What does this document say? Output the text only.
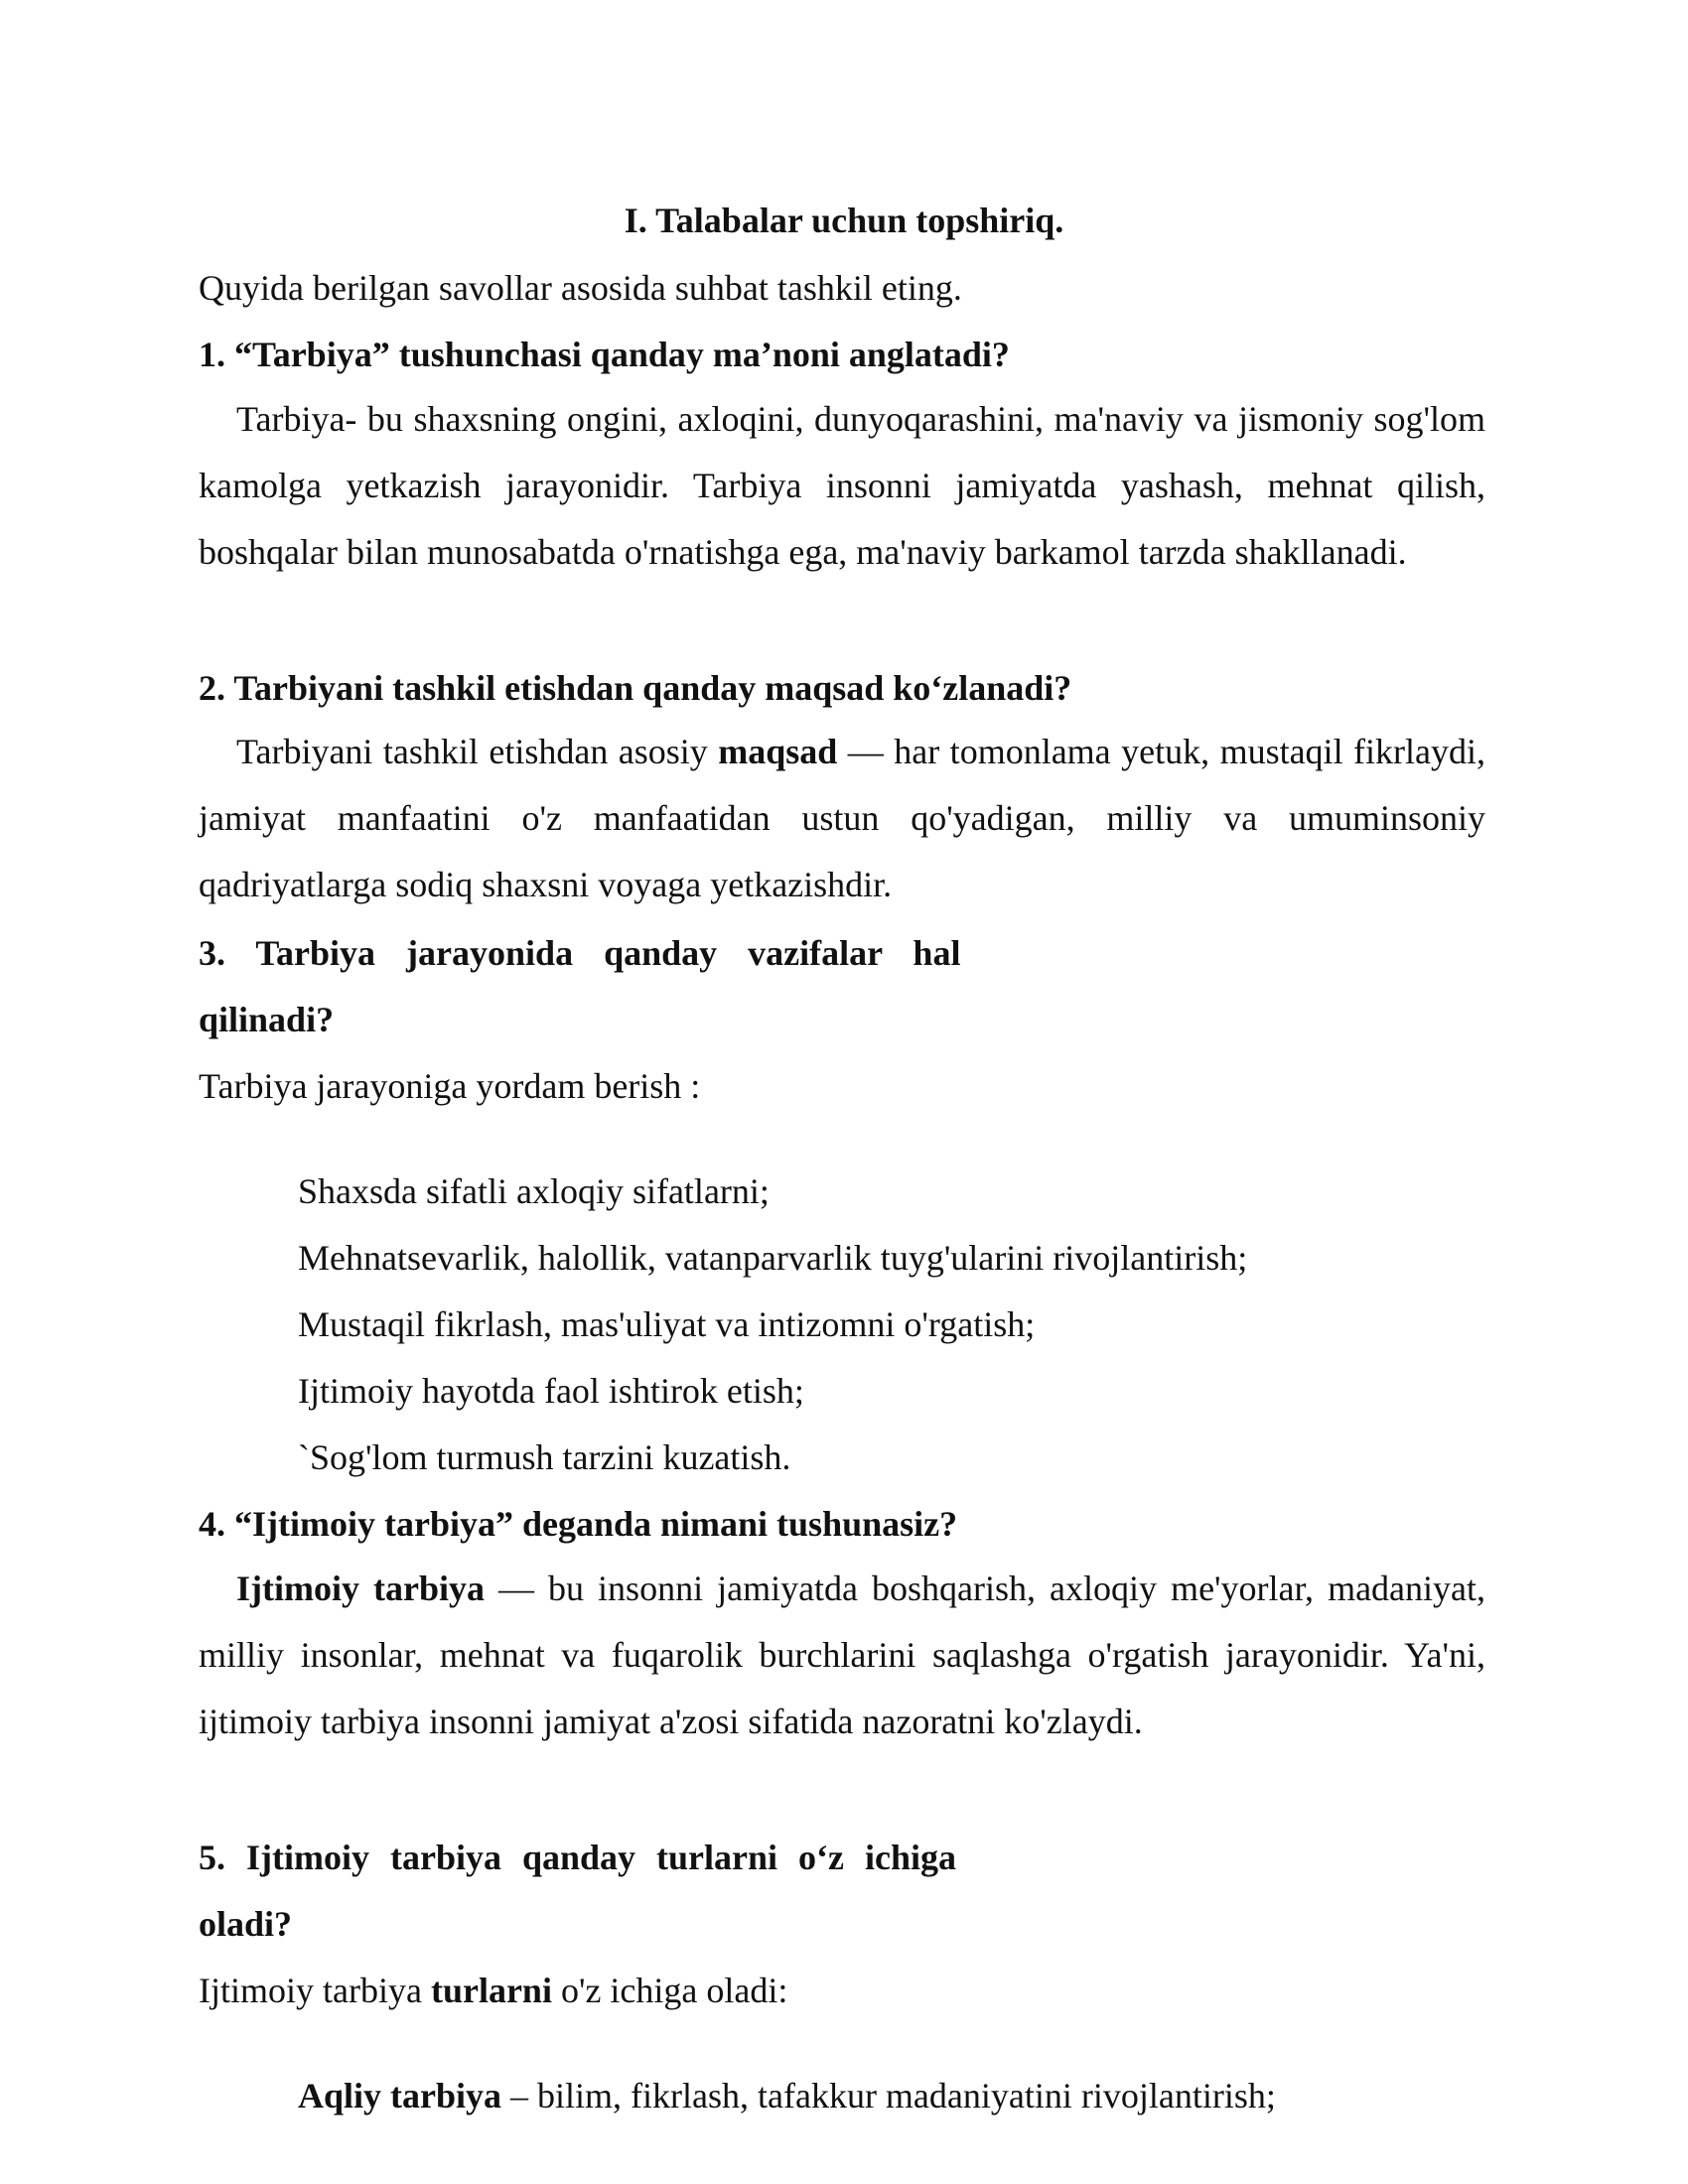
I. Talabalar uchun topshiriq.

Quyida berilgan savollar asosida suhbat tashkil eting.

1. “Tarbiya” tushunchasi qanday ma’noni anglatadi?

Tarbiya- bu shaxsning ongini, axloqini, dunyoqarashini, ma'naviy va jismoniy sog'lom kamolga yetkazish jarayonidir. Tarbiya insonni jamiyatda yashash, mehnat qilish, boshqalar bilan munosabatda o'rnatishga ega, ma'naviy barkamol tarzda shakllanadi.

2. Tarbiyani tashkil etishdan qanday maqsad ko‘zlanadi?

Tarbiyani tashkil etishdan asosiy maqsad — har tomonlama yetuk, mustaqil fikrlaydi, jamiyat manfaatini o'z manfaatidan ustun qo'yadigan, milliy va umuminsoniy qadriyatlarga sodiq shaxsni voyaga yetkazishdir.

3. Tarbiya jarayonida qanday vazifalar hal

qilinadi?

Tarbiya jarayoniga yordam berish :

Shaxsda sifatli axloqiy sifatlarni;

Mehnatsevarlik, halollik, vatanparvarlik tuyg'ularini rivojlantirish;

Mustaqil fikrlash, mas'uliyat va intizomni o'rgatish;

Ijtimoiy hayotda faol ishtirok etish;

`Sog'lom turmush tarzini kuzatish.

4. “Ijtimoiy tarbiya” deganda nimani tushunasiz?

Ijtimoiy tarbiya — bu insonni jamiyatda boshqarish, axloqiy me'yorlar, madaniyat, milliy insonlar, mehnat va fuqarolik burchlarini saqlashga o'rgatish jarayonidir. Ya'ni, ijtimoiy tarbiya insonni jamiyat a'zosi sifatida nazoratni ko'zlaydi.

5. Ijtimoiy tarbiya qanday turlarni o‘z ichiga

oladi?

Ijtimoiy tarbiya turlarni o'z ichiga oladi:

Aqliy tarbiya – bilim, fikrlash, tafakkur madaniyatini rivojlantirish;
